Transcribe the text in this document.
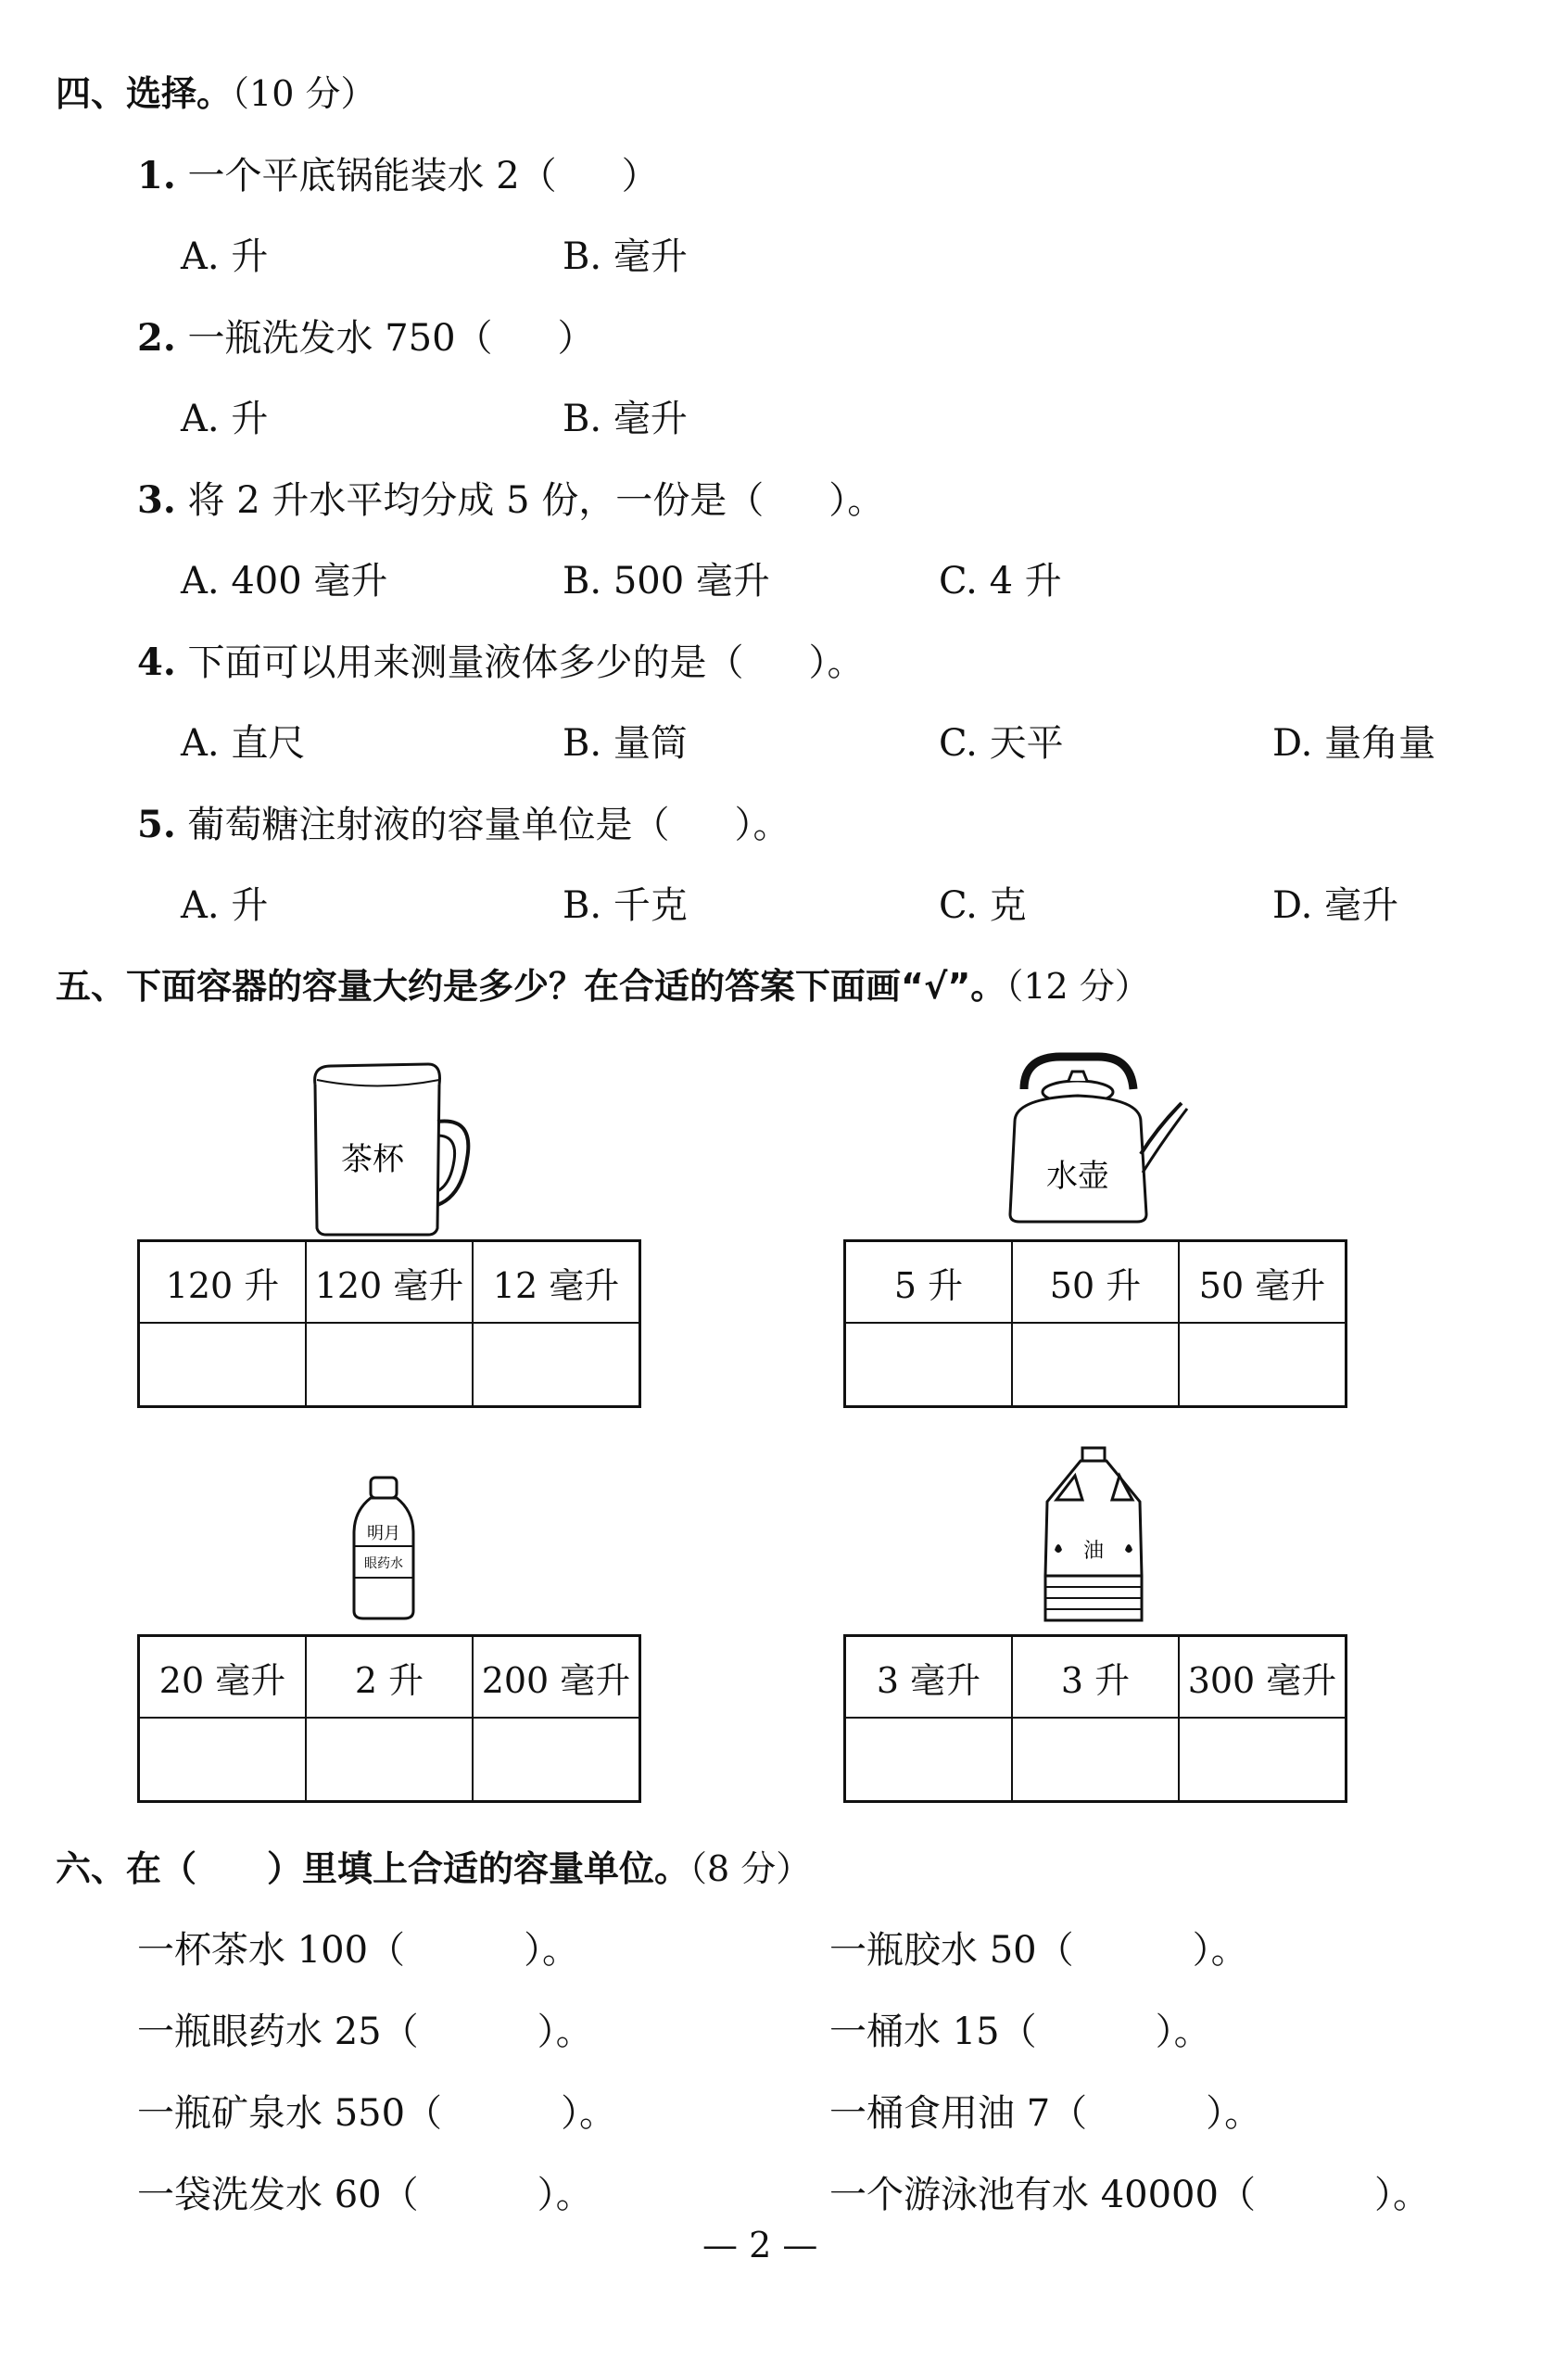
四、选择。（10 分）
1. 一个平底锅能装水 2（ ）
A. 升	B. 毫升
2. 一瓶洗发水 750（ ）
A. 升	B. 毫升
3. 将 2 升水平均分成 5 份，一份是（ ）。
A. 400 毫升	B. 500 毫升	C. 4 升
4. 下面可以用来测量液体多少的是（ ）。
A. 直尺	B. 量筒	C. 天平	D. 量角量
5. 葡萄糖注射液的容量单位是（ ）。
A. 升	B. 千克	C. 克	D. 毫升
五、下面容器的容量大约是多少？在合适的答案下面画“√”。（12 分）
茶杯	水壶
120 升	120 毫升	12 毫升
			5 升	50 升	50 毫升

明月
眼药水
油
20 毫升	2 升	200 毫升
			3 毫升	3 升	300 毫升

六、在（　　）里填上合适的容量单位。（8 分）
一杯茶水 100（	）。
一瓶眼药水 25（	）。
一瓶矿泉水 550（	）。
一袋洗发水 60（	）。
一瓶胶水 50（	）。
一桶水 15（	）。
一桶食用油 7（	）。
一个游泳池有水 40000（	）。
— 2 —
